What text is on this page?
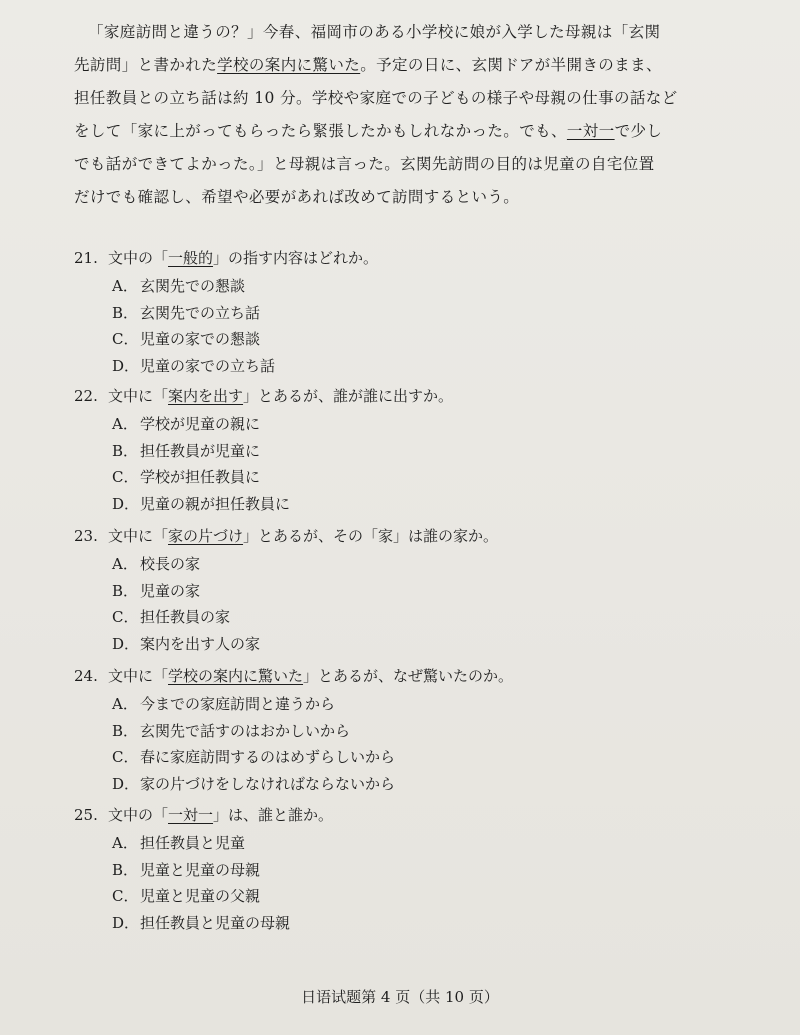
「家庭訪問と違うの？」今春、福岡市のある小学校に娘が入学した母親は「玄関
先訪問」と書かれた学校の案内に驚いた。予定の日に、玄関ドアが半開きのまま、
担任教員との立ち話は約 10 分。学校や家庭での子どもの様子や母親の仕事の話など
をして「家に上がってもらったら緊張したかもしれなかった。でも、一対一で少し
でも話ができてよかった。」と母親は言った。玄関先訪問の目的は児童の自宅位置
だけでも確認し、希望や必要があれば改めて訪問するという。
21. 文中の「一般的」の指す内容はどれか。
A． 玄関先での懇談
B． 玄関先での立ち話
C． 児童の家での懇談
D．児童の家での立ち話
22. 文中に「案内を出す」とあるが、誰が誰に出すか。
A． 学校が児童の親に
B． 担任教員が児童に
C． 学校が担任教員に
D．児童の親が担任教員に
23. 文中に「家の片づけ」とあるが、その「家」は誰の家か。
A． 校長の家
B． 児童の家
C． 担任教員の家
D．案内を出す人の家
24. 文中に「学校の案内に驚いた」とあるが、なぜ驚いたのか。
A． 今までの家庭訪問と違うから
B． 玄関先で話すのはおかしいから
C． 春に家庭訪問するのはめずらしいから
D．家の片づけをしなければならないから
25. 文中の「一対一」は、誰と誰か。
A． 担任教員と児童
B． 児童と児童の母親
C． 児童と児童の父親
D．担任教員と児童の母親
日语试题第 4 页（共 10 页）
